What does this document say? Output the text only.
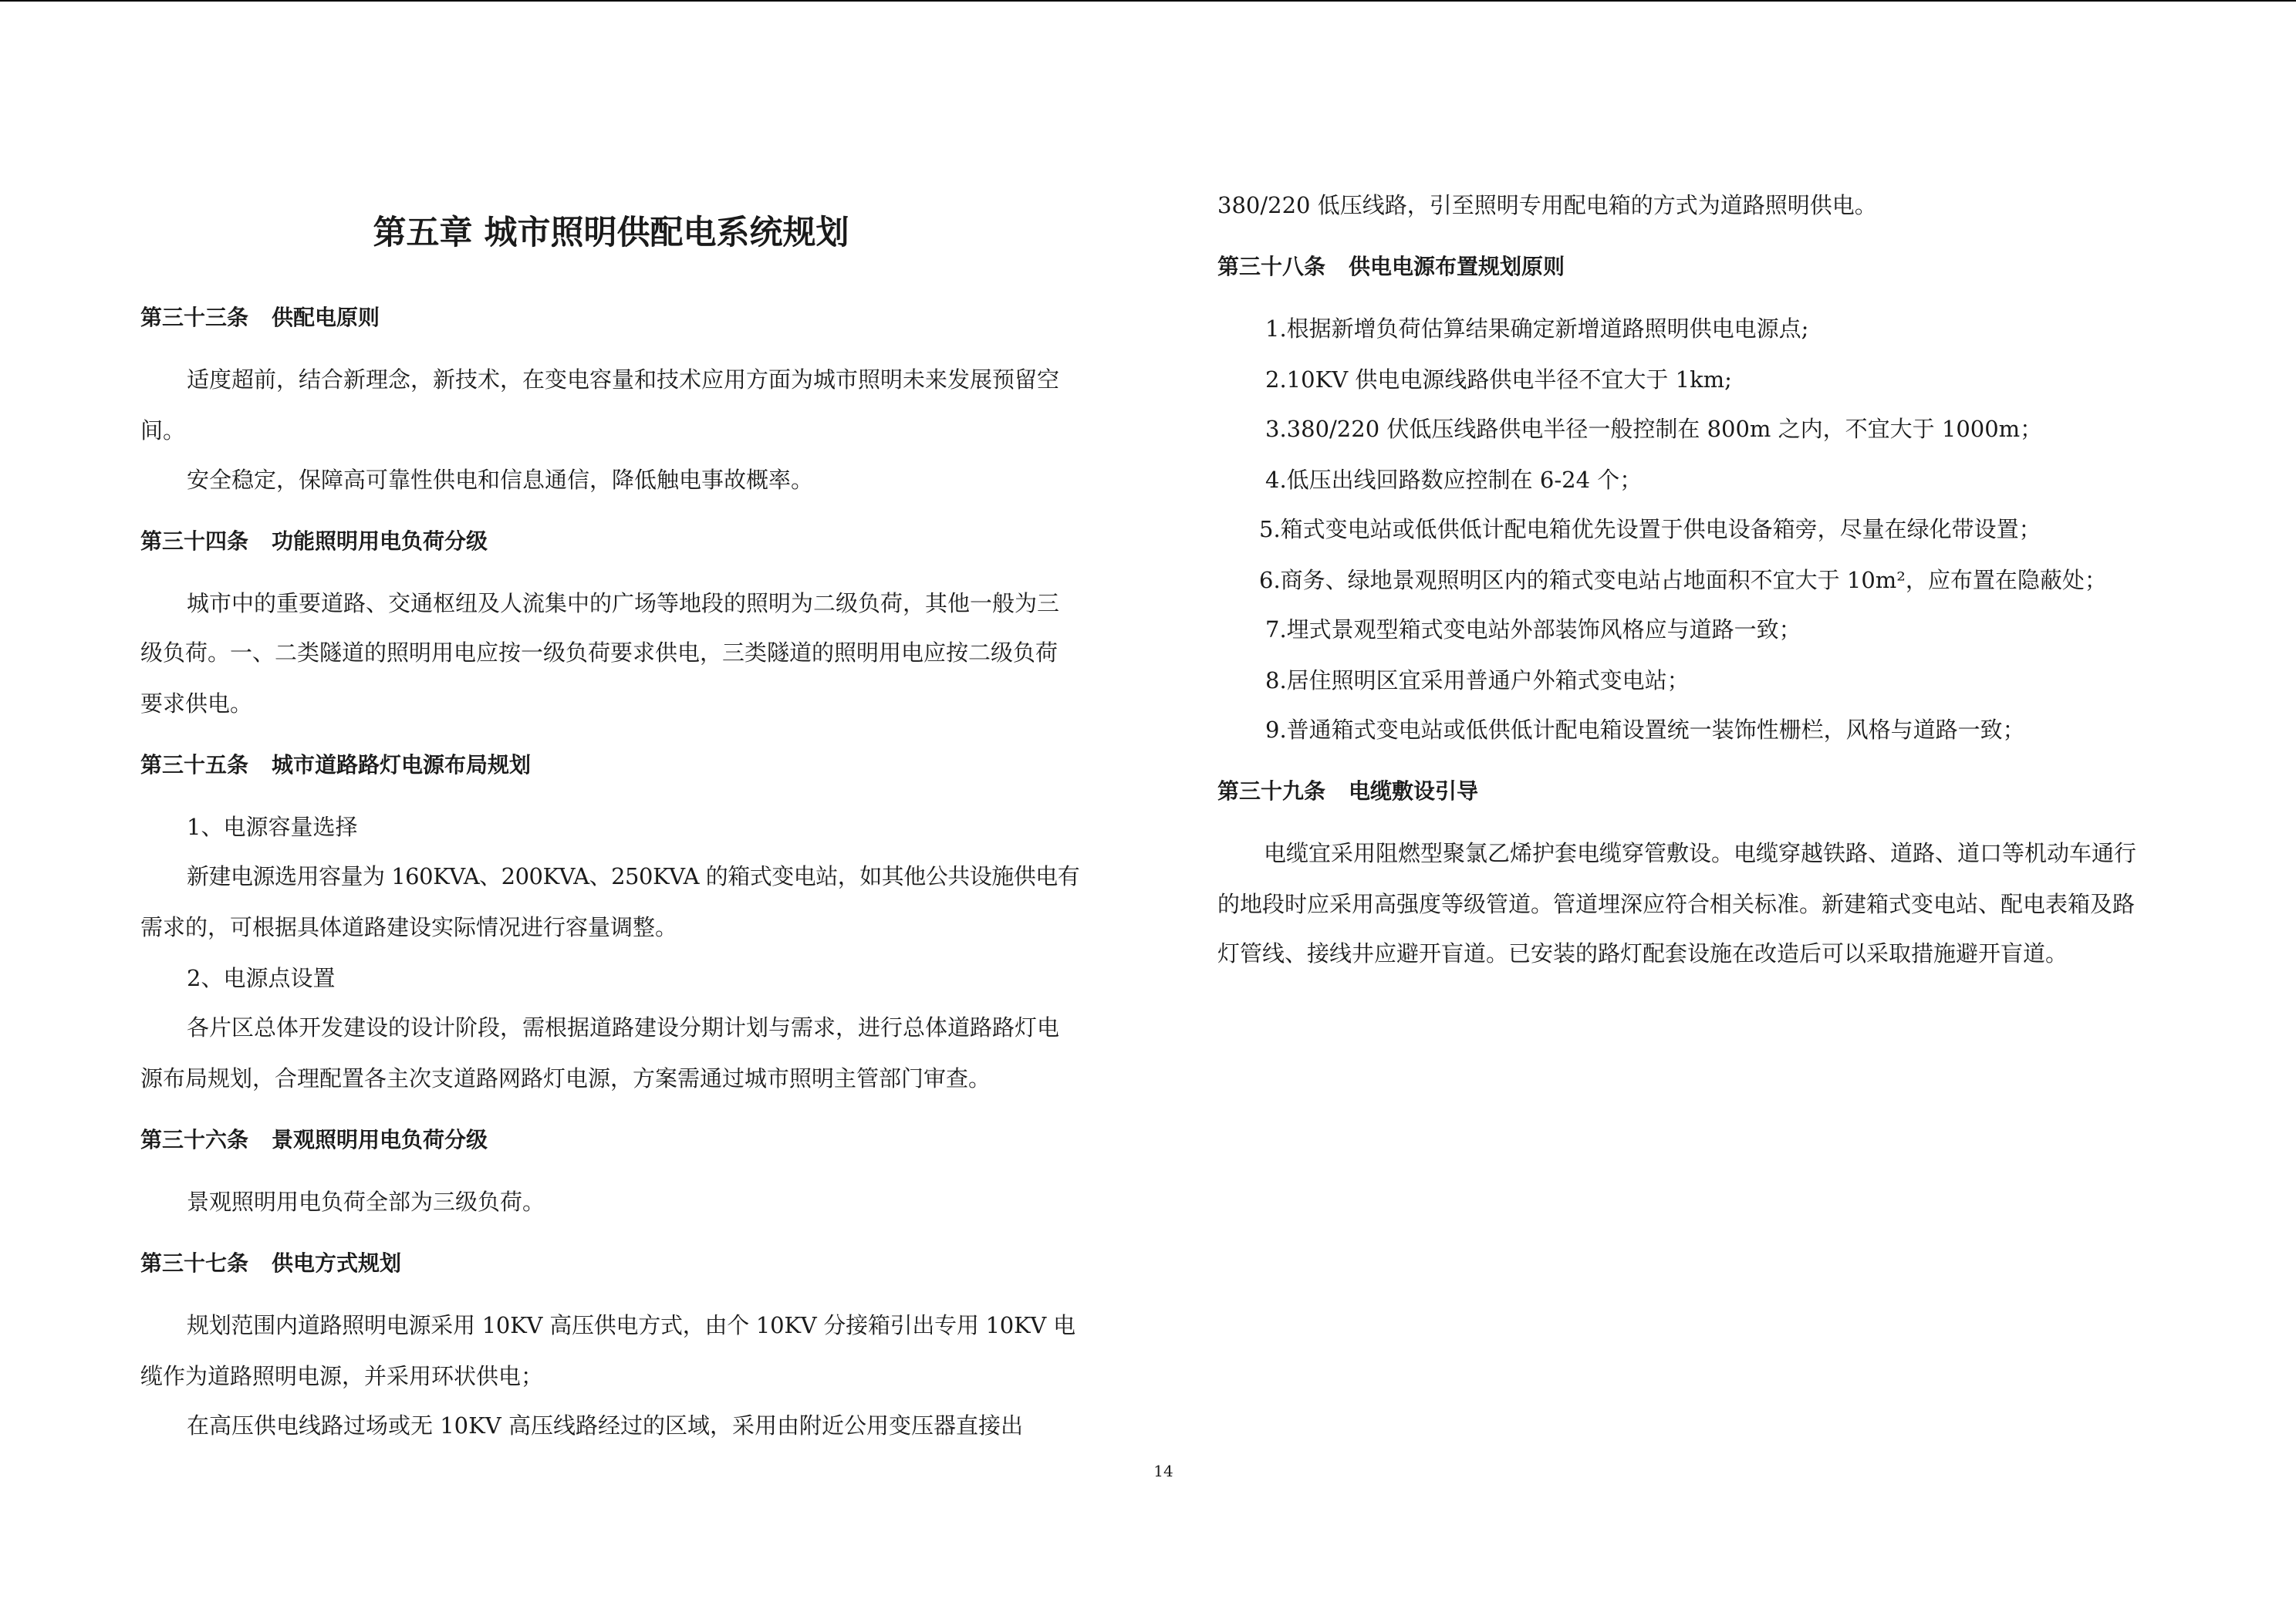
第五章 城市照明供配电系统规划
第三十三条 供配电原则
适度超前，结合新理念，新技术，在变电容量和技术应用方面为城市照明未来发展预留空
间。
安全稳定，保障高可靠性供电和信息通信，降低触电事故概率。
第三十四条 功能照明用电负荷分级
城市中的重要道路、交通枢纽及人流集中的广场等地段的照明为二级负荷，其他一般为三
级负荷。一、二类隧道的照明用电应按一级负荷要求供电，三类隧道的照明用电应按二级负荷
要求供电。
第三十五条 城市道路路灯电源布局规划
1、电源容量选择
新建电源选用容量为 160KVA、200KVA、250KVA 的箱式变电站，如其他公共设施供电有
需求的，可根据具体道路建设实际情况进行容量调整。
2、电源点设置
各片区总体开发建设的设计阶段，需根据道路建设分期计划与需求，进行总体道路路灯电
源布局规划，合理配置各主次支道路网路灯电源，方案需通过城市照明主管部门审查。
第三十六条 景观照明用电负荷分级
景观照明用电负荷全部为三级负荷。
第三十七条 供电方式规划
规划范围内道路照明电源采用 10KV 高压供电方式，由个 10KV 分接箱引出专用 10KV 电
缆作为道路照明电源，并采用环状供电；
在高压供电线路过场或无 10KV 高压线路经过的区域，采用由附近公用变压器直接出
380/220 低压线路，引至照明专用配电箱的方式为道路照明供电。
第三十八条 供电电源布置规划原则
1.根据新增负荷估算结果确定新增道路照明供电电源点;
2.10KV 供电电源线路供电半径不宜大于 1km;
3.380/220 伏低压线路供电半径一般控制在 800m 之内，不宜大于 1000m；
4.低压出线回路数应控制在 6-24 个；
5.箱式变电站或低供低计配电箱优先设置于供电设备箱旁，尽量在绿化带设置；
6.商务、绿地景观照明区内的箱式变电站占地面积不宜大于 10m²，应布置在隐蔽处；
7.埋式景观型箱式变电站外部装饰风格应与道路一致；
8.居住照明区宜采用普通户外箱式变电站；
9.普通箱式变电站或低供低计配电箱设置统一装饰性栅栏，风格与道路一致；
第三十九条 电缆敷设引导
电缆宜采用阻燃型聚氯乙烯护套电缆穿管敷设。电缆穿越铁路、道路、道口等机动车通行
的地段时应采用高强度等级管道。管道埋深应符合相关标准。新建箱式变电站、配电表箱及路
灯管线、接线井应避开盲道。已安装的路灯配套设施在改造后可以采取措施避开盲道。
14
